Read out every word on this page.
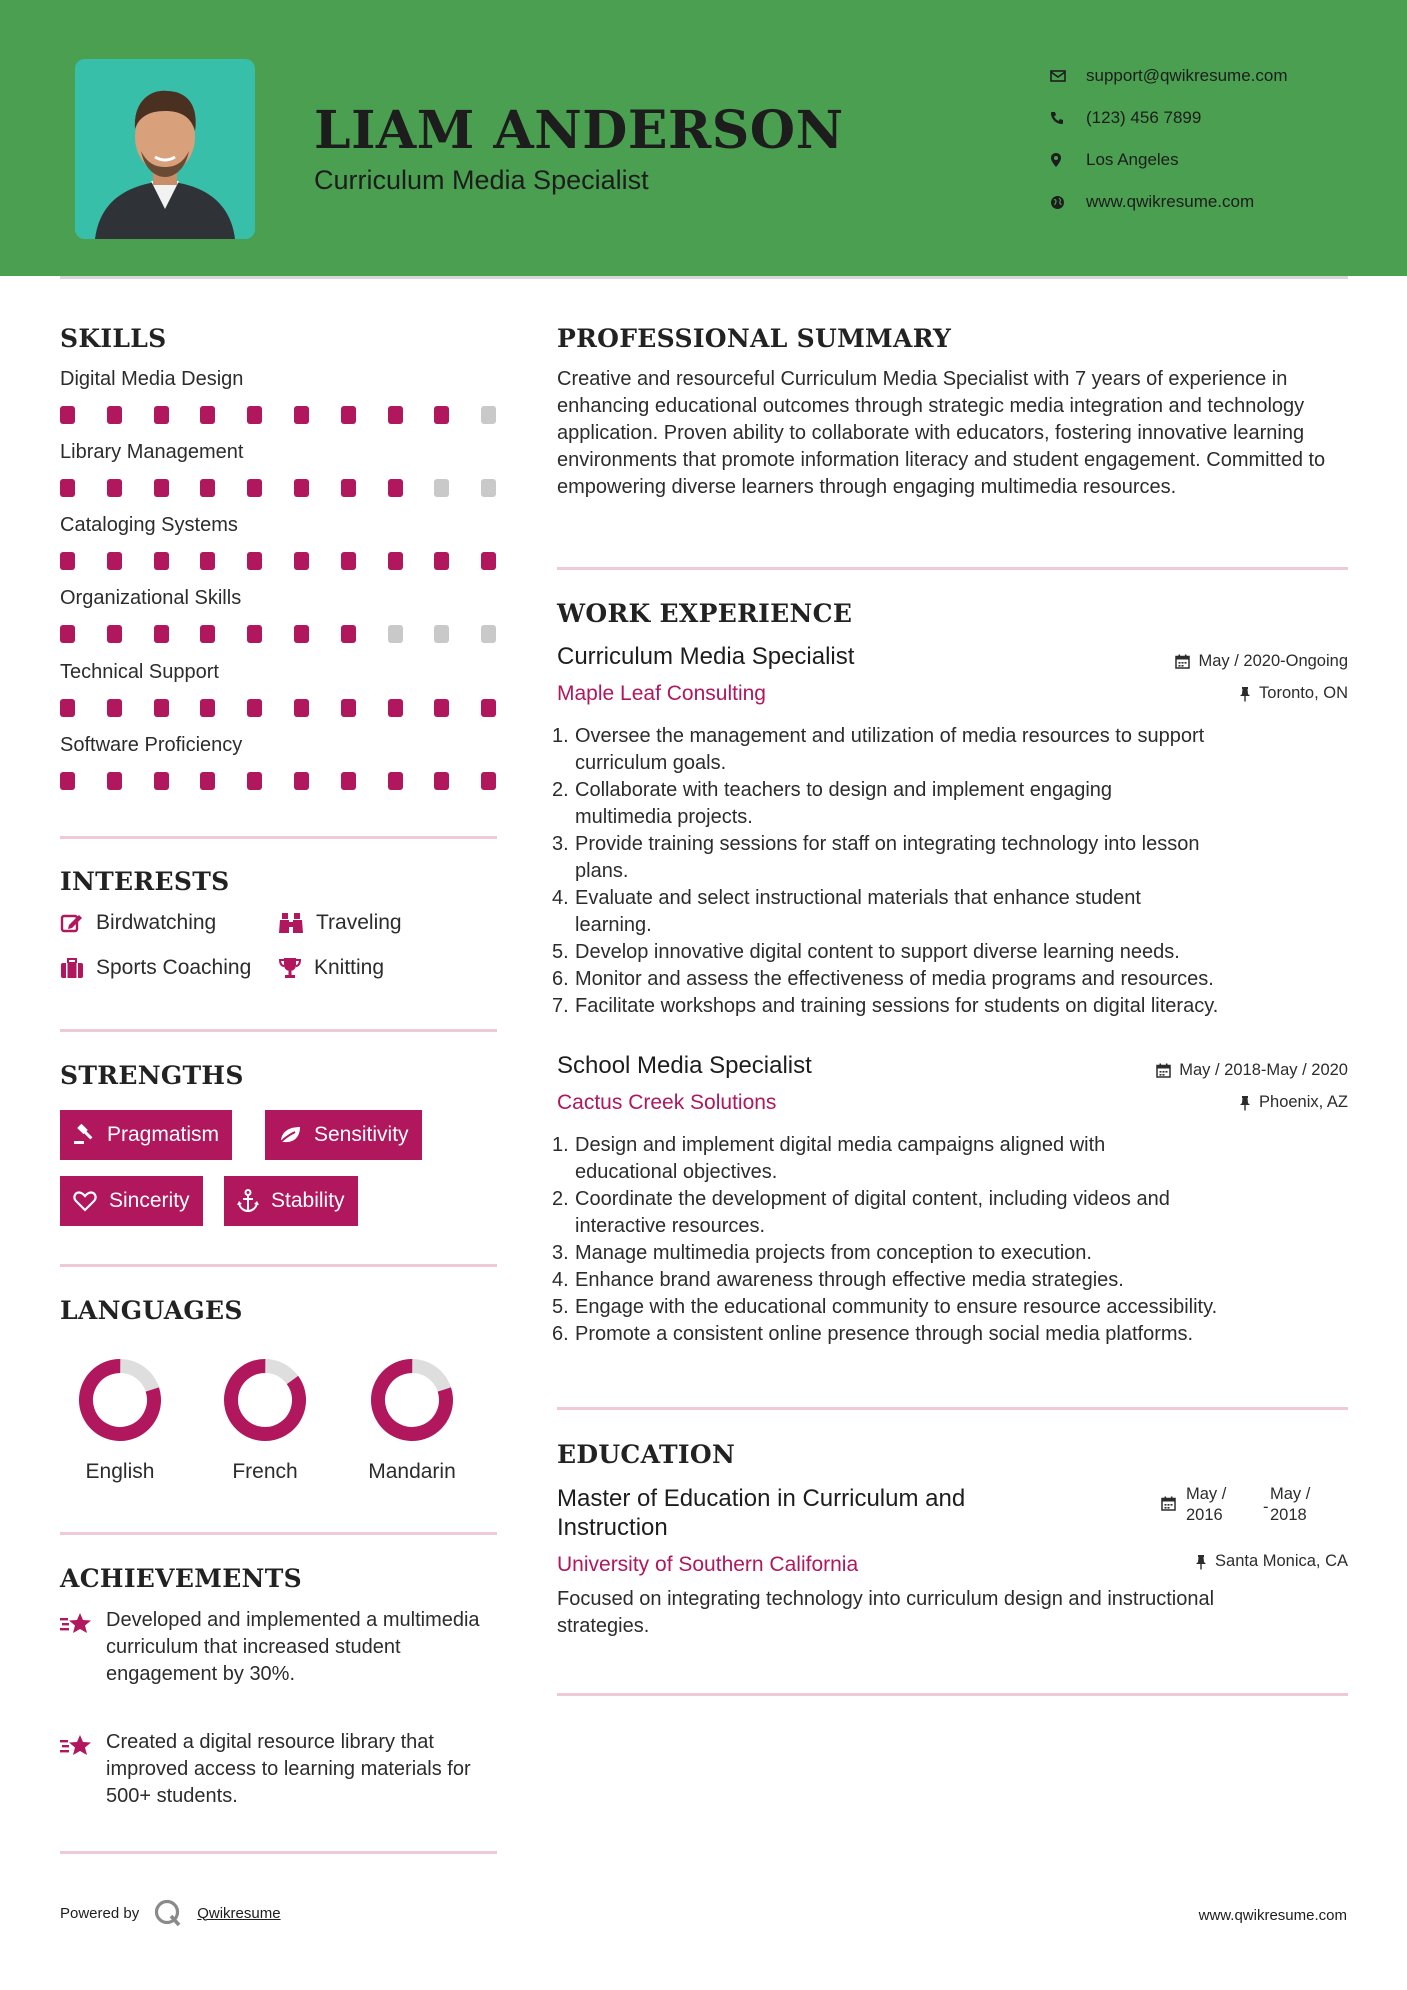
LIAM ANDERSON
Curriculum Media Specialist
support@qwikresume.com
(123) 456 7899
Los Angeles
www.qwikresume.com
SKILLS
Digital Media Design
Library Management
Cataloging Systems
Organizational Skills
Technical Support
Software Proficiency
INTERESTS
Birdwatching	Traveling
Sports Coaching	Knitting
STRENGTHS
Pragmatism	Sensitivity
Sincerity	Stability
LANGUAGES
English	French	Mandarin
ACHIEVEMENTS
Developed and implemented a multimedia curriculum that increased student engagement by 30%.
Created a digital resource library that improved access to learning materials for 500+ students.
PROFESSIONAL SUMMARY
Creative and resourceful Curriculum Media Specialist with 7 years of experience in enhancing educational outcomes through strategic media integration and technology application. Proven ability to collaborate with educators, fostering innovative learning environments that promote information literacy and student engagement. Committed to empowering diverse learners through engaging multimedia resources.
WORK EXPERIENCE
Curriculum Media Specialist
Maple Leaf Consulting
May / 2020-Ongoing
Toronto, ON
1. Oversee the management and utilization of media resources to support
curriculum goals.
2. Collaborate with teachers to design and implement engaging
multimedia projects.
3. Provide training sessions for staff on integrating technology into lesson
plans.
4. Evaluate and select instructional materials that enhance student
learning.
5. Develop innovative digital content to support diverse learning needs.
6. Monitor and assess the effectiveness of media programs and resources.
7. Facilitate workshops and training sessions for students on digital literacy.
School Media Specialist
Cactus Creek Solutions
May / 2018-May / 2020
Phoenix, AZ
1. Design and implement digital media campaigns aligned with
educational objectives.
2. Coordinate the development of digital content, including videos and
interactive resources.
3. Manage multimedia projects from conception to execution.
4. Enhance brand awareness through effective media strategies.
5. Engage with the educational community to ensure resource accessibility.
6. Promote a consistent online presence through social media platforms.
EDUCATION
Master of Education in Curriculum and
Instruction
University of Southern California
May /
2016 -
May /
2018
Santa Monica, CA
Focused on integrating technology into curriculum design and instructional strategies.
Powered by	Qwikresume	www.qwikresume.com
